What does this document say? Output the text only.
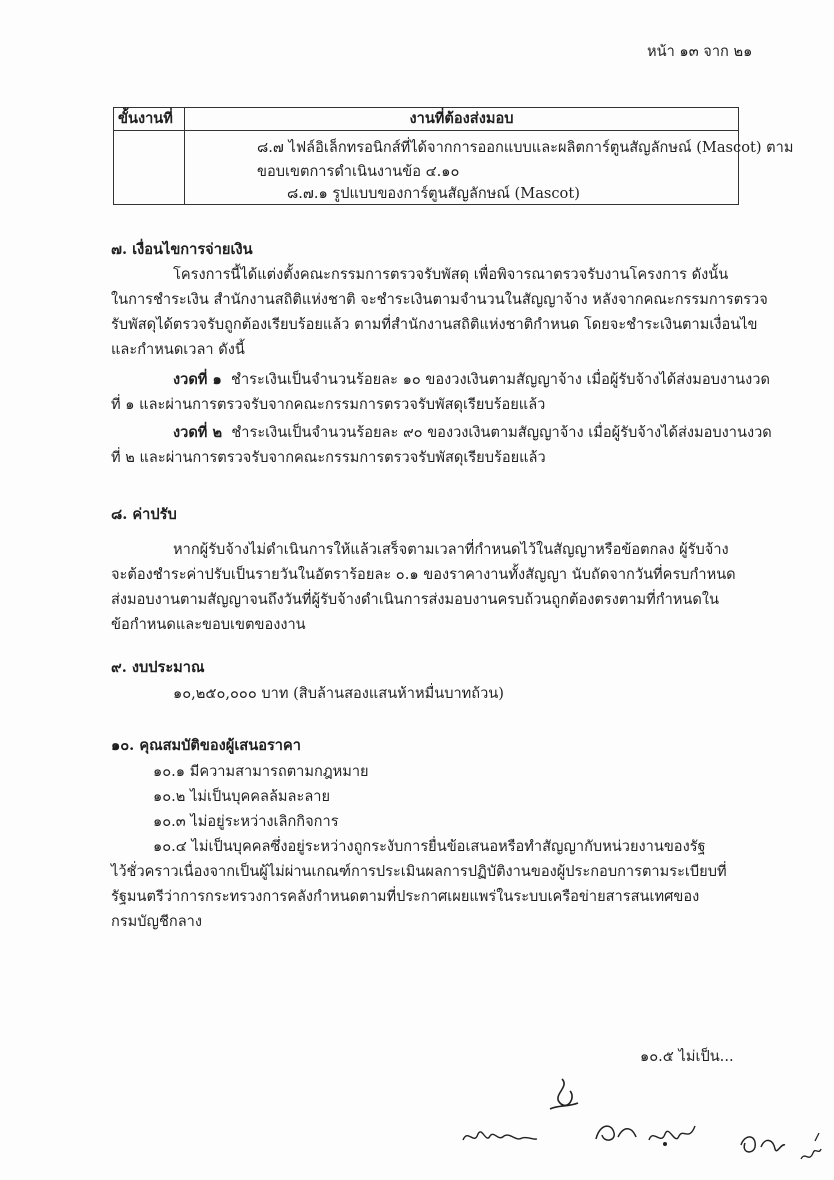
หน้า ๑๓ จาก ๒๑
ขั้นงานที่	งานที่ต้องส่งมอบ

	๘.๗ ไฟล์อิเล็กทรอนิกส์ที่ได้จากการออกแบบและผลิตการ์ตูนสัญลักษณ์ (Mascot) ตาม
ขอบเขตการดำเนินงานข้อ ๔.๑๐
๘.๗.๑ รูปแบบของการ์ตูนสัญลักษณ์ (Mascot)
๗. เงื่อนไขการจ่ายเงิน
โครงการนี้ได้แต่งตั้งคณะกรรมการตรวจรับพัสดุ เพื่อพิจารณาตรวจรับงานโครงการ ดังนั้น
ในการชำระเงิน สำนักงานสถิติแห่งชาติ จะชำระเงินตามจำนวนในสัญญาจ้าง หลังจากคณะกรรมการตรวจ
รับพัสดุได้ตรวจรับถูกต้องเรียบร้อยแล้ว ตามที่สำนักงานสถิติแห่งชาติกำหนด โดยจะชำระเงินตามเงื่อนไข
และกำหนดเวลา ดังนี้
งวดที่ ๑ ชำระเงินเป็นจำนวนร้อยละ ๑๐ ของวงเงินตามสัญญาจ้าง เมื่อผู้รับจ้างได้ส่งมอบงานงวด
ที่ ๑ และผ่านการตรวจรับจากคณะกรรมการตรวจรับพัสดุเรียบร้อยแล้ว
งวดที่ ๒ ชำระเงินเป็นจำนวนร้อยละ ๙๐ ของวงเงินตามสัญญาจ้าง เมื่อผู้รับจ้างได้ส่งมอบงานงวด
ที่ ๒ และผ่านการตรวจรับจากคณะกรรมการตรวจรับพัสดุเรียบร้อยแล้ว
๘. ค่าปรับ
หากผู้รับจ้างไม่ดำเนินการให้แล้วเสร็จตามเวลาที่กำหนดไว้ในสัญญาหรือข้อตกลง ผู้รับจ้าง
จะต้องชำระค่าปรับเป็นรายวันในอัตราร้อยละ ๐.๑ ของราคางานทั้งสัญญา นับถัดจากวันที่ครบกำหนด
ส่งมอบงานตามสัญญาจนถึงวันที่ผู้รับจ้างดำเนินการส่งมอบงานครบถ้วนถูกต้องตรงตามที่กำหนดใน
ข้อกำหนดและขอบเขตของงาน
๙. งบประมาณ
๑๐,๒๕๐,๐๐๐ บาท (สิบล้านสองแสนห้าหมื่นบาทถ้วน)
๑๐. คุณสมบัติของผู้เสนอราคา
๑๐.๑ มีความสามารถตามกฎหมาย
๑๐.๒ ไม่เป็นบุคคลล้มละลาย
๑๐.๓ ไม่อยู่ระหว่างเลิกกิจการ
๑๐.๔ ไม่เป็นบุคคลซึ่งอยู่ระหว่างถูกระงับการยื่นข้อเสนอหรือทำสัญญากับหน่วยงานของรัฐ
ไว้ชั่วคราวเนื่องจากเป็นผู้ไม่ผ่านเกณฑ์การประเมินผลการปฏิบัติงานของผู้ประกอบการตามระเบียบที่
รัฐมนตรีว่าการกระทรวงการคลังกำหนดตามที่ประกาศเผยแพร่ในระบบเครือข่ายสารสนเทศของ
กรมบัญชีกลาง
๑๐.๕ ไม่เป็น...
